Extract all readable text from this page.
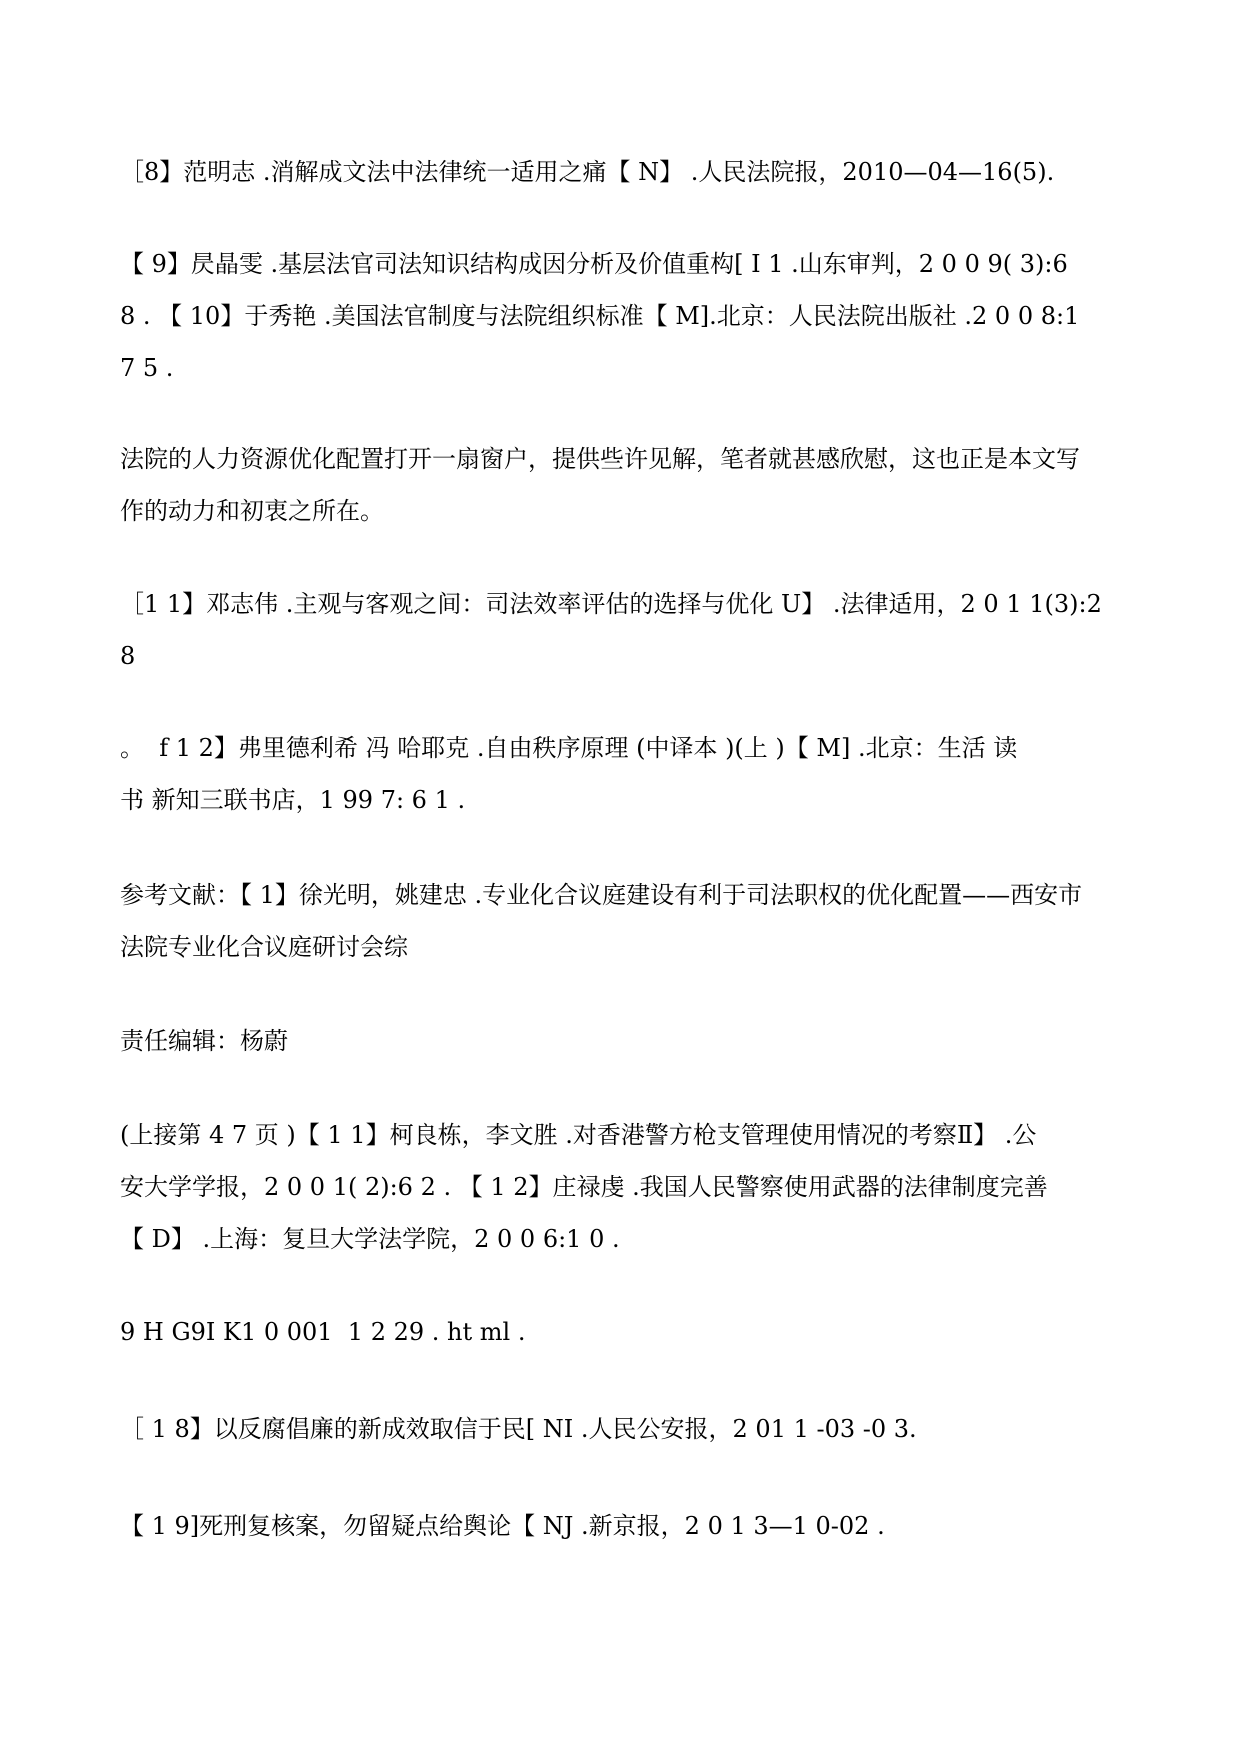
［8】范明志 .消解成文法中法律统一适用之痛【 N】 .人民法院报，2010—04—16(5).
【 9】昃晶雯 .基层法官司法知识结构成因分析及价值重构[ I 1 .山东审判，2 0 0 9( 3):6
8 . 【 10】于秀艳 .美国法官制度与法院组织标准【 M].北京：人民法院出版社 .2 0 0 8:1
7 5 .
法院的人力资源优化配置打开一扇窗户，提供些许见解，笔者就甚感欣慰，这也正是本文写
作的动力和初衷之所在。
［1 1】邓志伟 .主观与客观之间：司法效率评估的选择与优化 U】 .法律适用，2 0 1 1(3):2
8
。  f 1 2】弗里德利希 冯 哈耶克 .自由秩序原理 (中译本 )(上 )【 M] .北京：生活 读
书 新知三联书店，1 99 7: 6 1 .
参考文献：【 1】徐光明，姚建忠 .专业化合议庭建设有利于司法职权的优化配置——西安市
法院专业化合议庭研讨会综
责任编辑：杨蔚
(上接第 4 7 页 )【 1 1】柯良栋，李文胜 .对香港警方枪支管理使用情况的考察Ⅱ】 .公
安大学学报，2 0 0 1( 2):6 2 . 【 1 2】庄禄虔 .我国人民警察使用武器的法律制度完善
【 D】 .上海：复旦大学法学院，2 0 0 6:1 0 .
9 H G9I K1 0 001  1 2 29 . ht ml .
［ 1 8】以反腐倡廉的新成效取信于民[ NI .人民公安报，2 01 1 -03 -0 3.
【 1 9]死刑复核案，勿留疑点给舆论【 NJ .新京报，2 0 1 3—1 0-02 .
